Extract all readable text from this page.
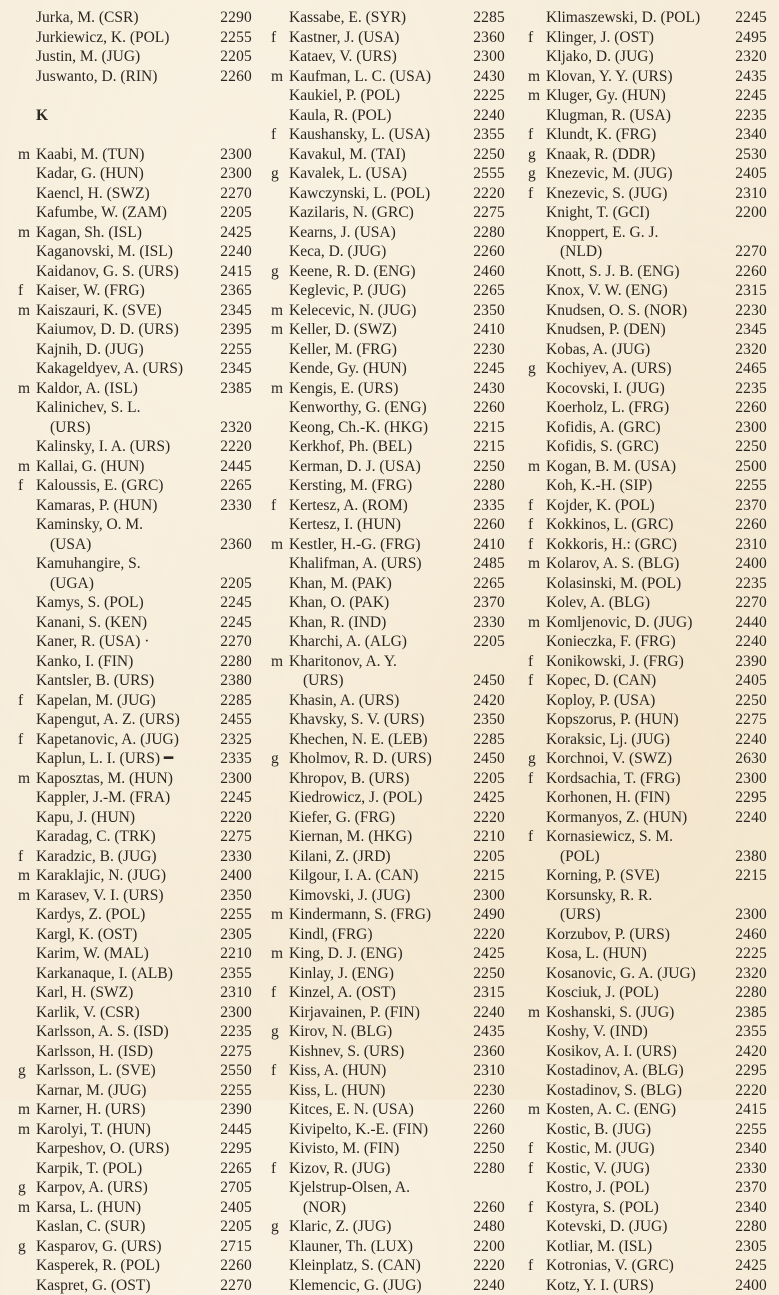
Jurka, M. (CSR)	2290
Jurkiewicz, K. (POL)	2255
Justin, M. (JUG)	2205
Juswanto, D. (RIN)	2260
K
m Kaabi, M. (TUN)	2300
Kadar, G. (HUN)	2300
Kaencl, H. (SWZ)	2270
Kafumbe, W. (ZAM)	2205
m Kagan, Sh. (ISL)	2425
Kaganovski, M. (ISL)	2240
Kaidanov, G. S. (URS)	2415
f Kaiser, W. (FRG)	2365
m Kaiszauri, K. (SVE)	2345
Kaiumov, D. D. (URS)	2395
Kajnih, D. (JUG)	2255
Kakageldyev, A. (URS)	2345
m Kaldor, A. (ISL)	2385
Kalinichev, S. L.
(URS)	2320
Kalinsky, I. A. (URS)	2220
m Kallai, G. (HUN)	2445
f Kaloussis, E. (GRC)	2265
Kamaras, P. (HUN)	2330
Kaminsky, O. M.
(USA)	2360
Kamuhangire, S.
(UGA)	2205
Kamys, S. (POL)	2245
Kanani, S. (KEN)	2245
Kaner, R. (USA) ·	2270
Kanko, I. (FIN)	2280
Kantsler, B. (URS)	2380
f Kapelan, M. (JUG)	2285
Kapengut, A. Z. (URS)	2455
f Kapetanovic, A. (JUG)	2325
Kaplun, L. I. (URS) ━	2335
m Kaposztas, M. (HUN)	2300
Kappler, J.-M. (FRA)	2245
Kapu, J. (HUN)	2220
Karadag, C. (TRK)	2275
f Karadzic, B. (JUG)	2330
m Karaklajic, N. (JUG)	2400
m Karasev, V. I. (URS)	2350
Kardys, Z. (POL)	2255
Kargl, K. (OST)	2305
Karim, W. (MAL)	2210
Karkanaque, I. (ALB)	2355
Karl, H. (SWZ)	2310
Karlik, V. (CSR)	2300
Karlsson, A. S. (ISD)	2235
Karlsson, H. (ISD)	2275
g Karlsson, L. (SVE)	2550
Karnar, M. (JUG)	2255
m Karner, H. (URS)	2390
m Karolyi, T. (HUN)	2445
Karpeshov, O. (URS)	2295
Karpik, T. (POL)	2265
g Karpov, A. (URS)	2705
m Karsa, L. (HUN)	2405
Kaslan, C. (SUR)	2205
g Kasparov, G. (URS)	2715
Kasperek, R. (POL)	2260
Kaspret, G. (OST)	2270
Kassabe, E. (SYR)	2285
f Kastner, J. (USA)	2360
Kataev, V. (URS)	2300
m Kaufman, L. C. (USA)	2430
Kaukiel, P. (POL)	2225
Kaula, R. (POL)	2240
f Kaushansky, L. (USA)	2355
Kavakul, M. (TAI)	2250
g Kavalek, L. (USA)	2555
Kawczynski, L. (POL)	2220
Kazilaris, N. (GRC)	2275
Kearns, J. (USA)	2280
Keca, D. (JUG)	2260
g Keene, R. D. (ENG)	2460
Keglevic, P. (JUG)	2265
m Kelecevic, N. (JUG)	2350
m Keller, D. (SWZ)	2410
Keller, M. (FRG)	2230
Kende, Gy. (HUN)	2245
m Kengis, E. (URS)	2430
Kenworthy, G. (ENG)	2260
Keong, Ch.-K. (HKG)	2215
Kerkhof, Ph. (BEL)	2215
Kerman, D. J. (USA)	2250
Kersting, M. (FRG)	2280
f Kertesz, A. (ROM)	2335
Kertesz, I. (HUN)	2260
m Kestler, H.-G. (FRG)	2410
Khalifman, A. (URS)	2485
Khan, M. (PAK)	2265
Khan, O. (PAK)	2370
Khan, R. (IND)	2330
Kharchi, A. (ALG)	2205
m Kharitonov, A. Y.
(URS)	2450
Khasin, A. (URS)	2420
Khavsky, S. V. (URS)	2350
Khechen, N. E. (LEB)	2285
g Kholmov, R. D. (URS)	2450
Khropov, B. (URS)	2205
Kiedrowicz, J. (POL)	2425
Kiefer, G. (FRG)	2220
Kiernan, M. (HKG)	2210
Kilani, Z. (JRD)	2205
Kilgour, I. A. (CAN)	2215
Kimovski, J. (JUG)	2300
m Kindermann, S. (FRG)	2490
Kindl, (FRG)	2220
m King, D. J. (ENG)	2425
Kinlay, J. (ENG)	2250
f Kinzel, A. (OST)	2315
Kirjavainen, P. (FIN)	2240
g Kirov, N. (BLG)	2435
Kishnev, S. (URS)	2360
f Kiss, A. (HUN)	2310
Kiss, L. (HUN)	2230
Kitces, E. N. (USA)	2260
Kivipelto, K.-E. (FIN)	2260
Kivisto, M. (FIN)	2250
f Kizov, R. (JUG)	2280
Kjelstrup-Olsen, A.
(NOR)	2260
g Klaric, Z. (JUG)	2480
Klauner, Th. (LUX)	2200
Kleinplatz, S. (CAN)	2220
Klemencic, G. (JUG)	2240
Klimaszewski, D. (POL)	2245
f Klinger, J. (OST)	2495
Kljako, D. (JUG)	2320
m Klovan, Y. Y. (URS)	2435
m Kluger, Gy. (HUN)	2245
Klugman, R. (USA)	2235
f Klundt, K. (FRG)	2340
g Knaak, R. (DDR)	2530
g Knezevic, M. (JUG)	2405
f Knezevic, S. (JUG)	2310
Knight, T. (GCI)	2200
Knoppert, E. G. J.
(NLD)	2270
Knott, S. J. B. (ENG)	2260
Knox, V. W. (ENG)	2315
Knudsen, O. S. (NOR)	2230
Knudsen, P. (DEN)	2345
Kobas, A. (JUG)	2320
g Kochiyev, A. (URS)	2465
Kocovski, I. (JUG)	2235
Koerholz, L. (FRG)	2260
Kofidis, A. (GRC)	2300
Kofidis, S. (GRC)	2250
m Kogan, B. M. (USA)	2500
Koh, K.-H. (SIP)	2255
f Kojder, K. (POL)	2370
f Kokkinos, L. (GRC)	2260
f Kokkoris, H.: (GRC)	2310
m Kolarov, A. S. (BLG)	2400
Kolasinski, M. (POL)	2235
Kolev, A. (BLG)	2270
m Komljenovic, D. (JUG)	2440
Konieczka, F. (FRG)	2240
f Konikowski, J. (FRG)	2390
f Kopec, D. (CAN)	2405
Koploy, P. (USA)	2250
Kopszorus, P. (HUN)	2275
Koraksic, Lj. (JUG)	2240
g Korchnoi, V. (SWZ)	2630
f Kordsachia, T. (FRG)	2300
Korhonen, H. (FIN)	2295
Kormanyos, Z. (HUN)	2240
f Kornasiewicz, S. M.
(POL)	2380
Korning, P. (SVE)	2215
Korsunsky, R. R.
(URS)	2300
Korzubov, P. (URS)	2460
Kosa, L. (HUN)	2225
Kosanovic, G. A. (JUG)	2320
Kosciuk, J. (POL)	2280
m Koshanski, S. (JUG)	2385
Koshy, V. (IND)	2355
Kosikov, A. I. (URS)	2420
Kostadinov, A. (BLG)	2295
Kostadinov, S. (BLG)	2220
m Kosten, A. C. (ENG)	2415
Kostic, B. (JUG)	2255
f Kostic, M. (JUG)	2340
f Kostic, V. (JUG)	2330
Kostro, J. (POL)	2370
f Kostyra, S. (POL)	2340
Kotevski, D. (JUG)	2280
Kotliar, M. (ISL)	2305
f Kotronias, V. (GRC)	2425
Kotz, Y. I. (URS)	2400
